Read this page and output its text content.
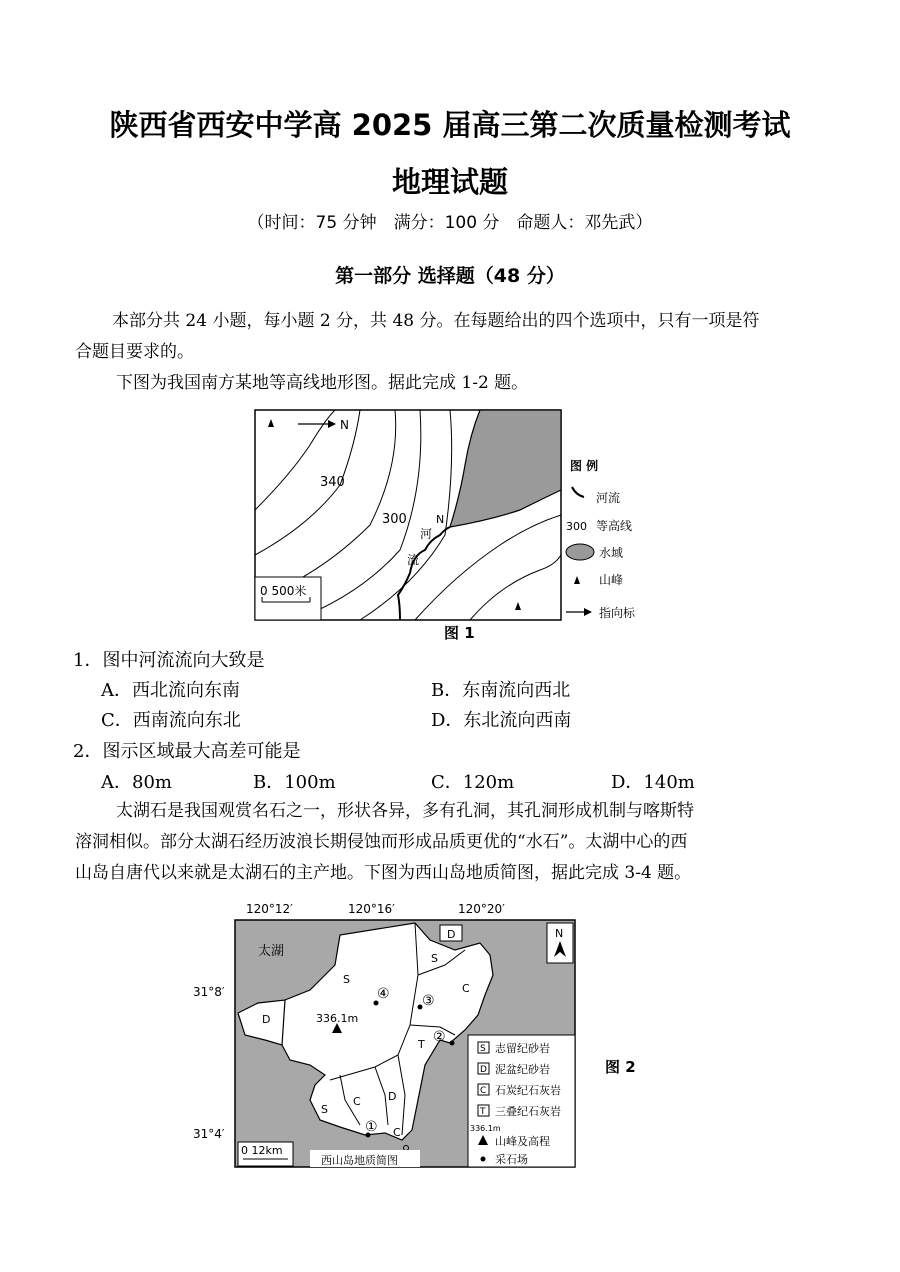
陕西省西安中学高 2025 届高三第二次质量检测考试
地理试题
（时间：75 分钟　满分：100 分　命题人：邓先武）
第一部分 选择题（48 分）
本部分共 24 小题，每小题 2 分，共 48 分。在每题给出的四个选项中，只有一项是符
合题目要求的。
下图为我国南方某地等高线地形图。据此完成 1-2 题。
N
340
300
河
流
N
0 500米
图 例
河流
300 等高线
水域
山峰
指向标
图 1
1．图中河流流向大致是
A．西北流向东南	B．东南流向西北
C．西南流向东北	D．东北流向西南
2．图示区域最大高差可能是
A．80m	B．100m	C．120m	D．140m
太湖石是我国观赏名石之一，形状各异，多有孔洞，其孔洞形成机制与喀斯特
溶洞相似。部分太湖石经历波浪长期侵蚀而形成品质更优的“水石”。太湖中心的西
山岛自唐代以来就是太湖石的主产地。下图为西山岛地质简图，据此完成 3-4 题。
120°12′	120°16′	120°20′
31°8′
31°4′
太湖
N
S
S
S
D
D
D
C
C
C
T
336.1m
④ ③
②
①
0 12km
西山岛地质简图
S 志留纪砂岩
D 泥盆纪砂岩
C 石炭纪石灰岩
T 三叠纪石灰岩
336.1m
山峰及高程
采石场
图 2
